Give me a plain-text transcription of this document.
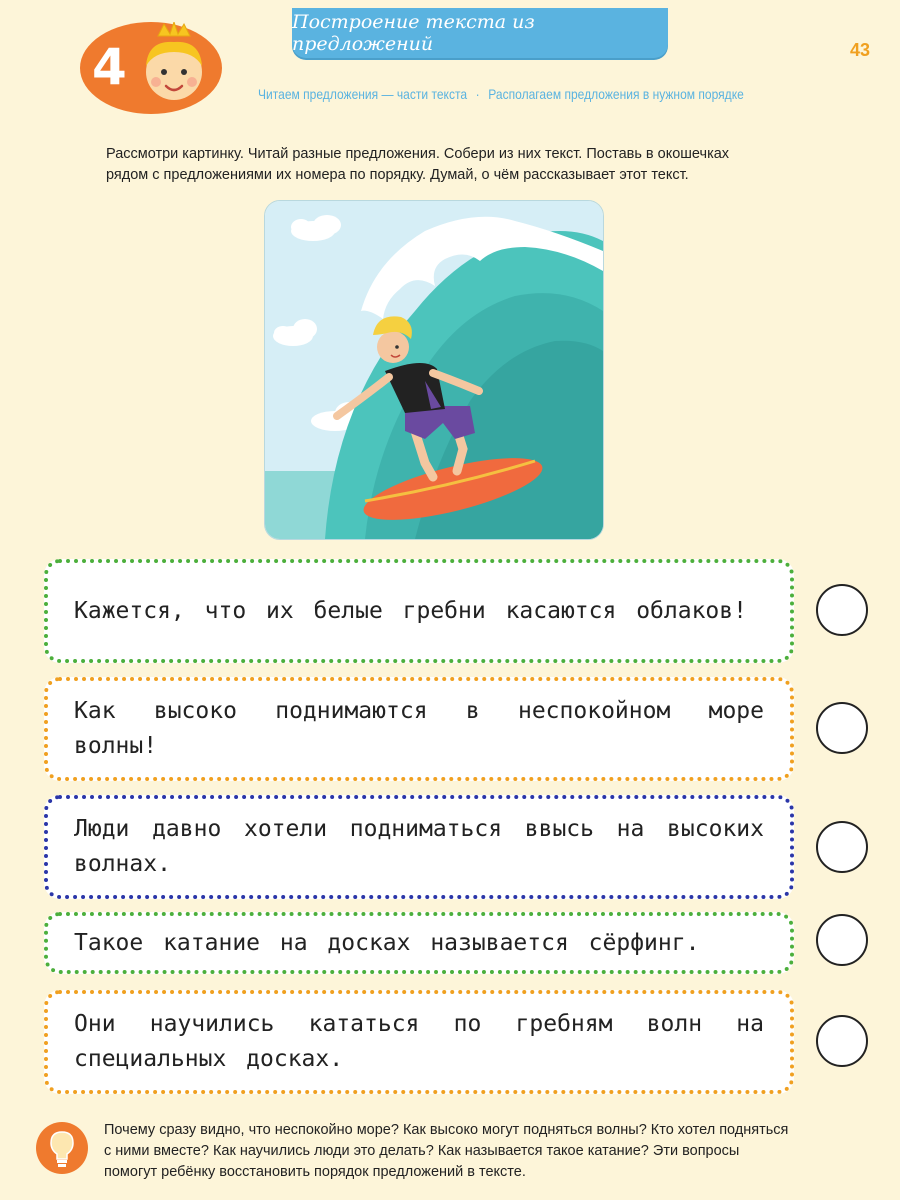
Построение текста из предложений
4	43
Читаем предложения — части текста · Располагаем предложения в нужном порядке
Рассмотри картинку. Читай разные предложения. Собери из них текст. Поставь в окошечках
рядом с предложениями их номера по порядку. Думай, о чём рассказывает этот текст.
Кажется, что их белые гребни касаются облаков!
Как высоко поднимаются в неспокойном море волны!
Люди давно хотели подниматься ввысь на высоких волнах.
Такое катание на досках называется сёрфинг.
Они научились кататься по гребням волн на специальных досках.
Почему сразу видно, что неспокойно море? Как высоко могут подняться волны? Кто хотел подняться
с ними вместе? Как научились люди это делать? Как называется такое катание? Эти вопросы
помогут ребёнку восстановить порядок предложений в тексте.
